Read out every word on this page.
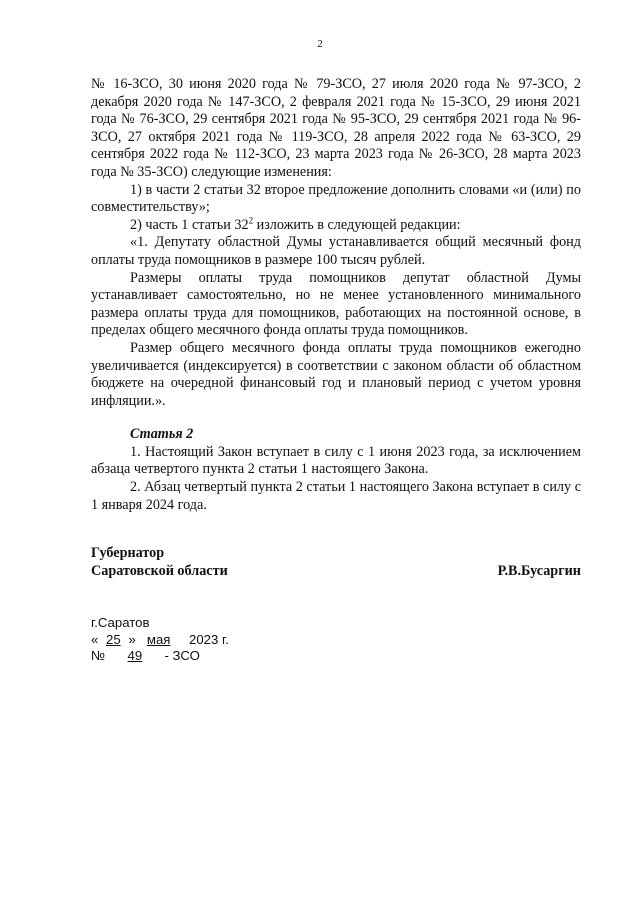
2

№ 16-ЗСО, 30 июня 2020 года № 79-ЗСО, 27 июля 2020 года № 97-ЗСО, 2 декабря 2020 года № 147-ЗСО, 2 февраля 2021 года № 15-ЗСО, 29 июня 2021 года № 76-ЗСО, 29 сентября 2021 года № 95-ЗСО, 29 сентября 2021 года № 96-ЗСО, 27 октября 2021 года № 119-ЗСО, 28 апреля 2022 года № 63-ЗСО, 29 сентября 2022 года № 112-ЗСО, 23 марта 2023 года № 26-ЗСО, 28 марта 2023 года № 35-ЗСО) следующие изменения:

1) в части 2 статьи 32 второе предложение дополнить словами «и (или) по совместительству»;

2) часть 1 статьи $32^2$ изложить в следующей редакции:

«1. Депутату областной Думы устанавливается общий месячный фонд оплаты труда помощников в размере 100 тысяч рублей.

Размеры оплаты труда помощников депутат областной Думы устанавливает самостоятельно, но не менее установленного минимального размера оплаты труда для помощников, работающих на постоянной основе, в пределах общего месячного фонда оплаты труда помощников.

Размер общего месячного фонда оплаты труда помощников ежегодно увеличивается (индексируется) в соответствии с законом области об областном бюджете на очередной финансовый год и плановый период с учетом уровня инфляции.».

Статья 2

1. Настоящий Закон вступает в силу с 1 июня 2023 года, за исключением абзаца четвертого пункта 2 статьи 1 настоящего Закона.

2. Абзац четвертый пункта 2 статьи 1 настоящего Закона вступает в силу с 1 января 2024 года.

Губернатор
Саратовской области	Р.В.Бусаргин
г.Саратов
« 25 » мая 2023 г.
№ 49 - ЗСО
